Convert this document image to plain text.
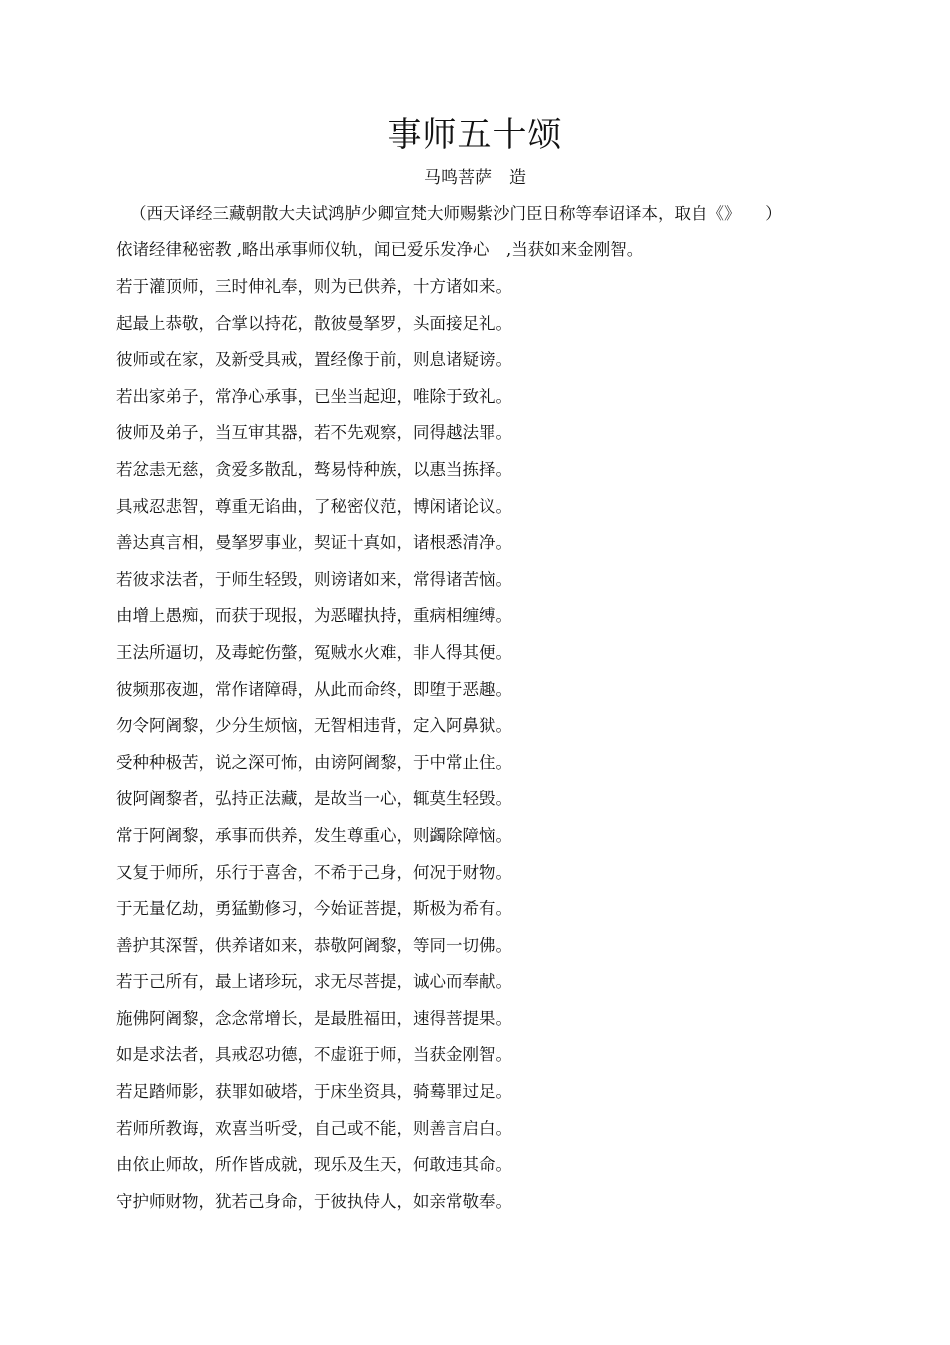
事师五十颂
马鸣菩萨　造
（西天译经三藏朝散大夫试鸿胪少卿宣梵大师赐紫沙门臣日称等奉诏译本，取自《》　　）
依诸经律秘密教 ,略出承事师仪轨，闻已爱乐发净心　,当获如来金刚智。
若于灌顶师，三时伸礼奉，则为已供养，十方诸如来。
起最上恭敬，合掌以持花，散彼曼拏罗，头面接足礼。
彼师或在家，及新受具戒，置经像于前，则息诸疑谤。
若出家弟子，常净心承事，已坐当起迎，唯除于致礼。
彼师及弟子，当互审其器，若不先观察，同得越法罪。
若忿恚无慈，贪爱多散乱，骜易恃种族，以惠当拣择。
具戒忍悲智，尊重无谄曲，了秘密仪范，博闲诸论议。
善达真言相，曼拏罗事业，契证十真如，诸根悉清净。
若彼求法者，于师生轻毁，则谤诸如来，常得诸苦恼。
由增上愚痴，而获于现报，为恶曜执持，重病相缠缚。
王法所逼切，及毒蛇伤螫，冤贼水火难，非人得其便。
彼频那夜迦，常作诸障碍，从此而命终，即堕于恶趣。
勿令阿阇黎，少分生烦恼，无智相违背，定入阿鼻狱。
受种种极苦，说之深可怖，由谤阿阇黎，于中常止住。
彼阿阇黎者，弘持正法藏，是故当一心，辄莫生轻毁。
常于阿阇黎，承事而供养，发生尊重心，则蠲除障恼。
又复于师所，乐行于喜舍，不希于己身，何况于财物。
于无量亿劫，勇猛勤修习，今始证菩提，斯极为希有。
善护其深誓，供养诸如来，恭敬阿阇黎，等同一切佛。
若于己所有，最上诸珍玩，求无尽菩提，诚心而奉献。
施佛阿阇黎，念念常增长，是最胜福田，速得菩提果。
如是求法者，具戒忍功德，不虚诳于师，当获金刚智。
若足踏师影，获罪如破塔，于床坐资具，骑蓦罪过足。
若师所教诲，欢喜当听受，自己或不能，则善言启白。
由依止师故，所作皆成就，现乐及生天，何敢违其命。
守护师财物，犹若己身命，于彼执侍人，如亲常敬奉。
